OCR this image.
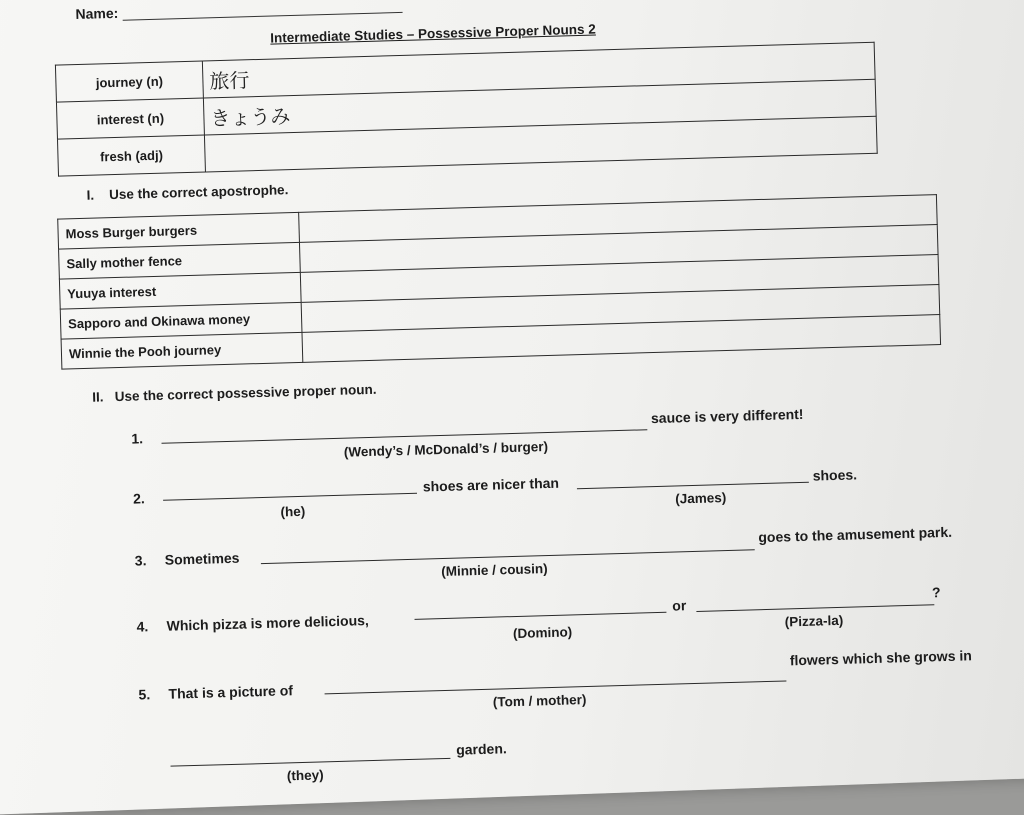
Name:
Intermediate Studies – Possessive Proper Nouns 2
journey (n)	旅行
interest (n)	きょうみ
fresh (adj)	
I. Use the correct apostrophe.
Moss Burger burgers	
Sally mother fence	
Yuuya interest	
Sapporo and Okinawa money	
Winnie the Pooh journey	
II. Use the correct possessive proper noun.
1.
sauce is very different!
(Wendy’s / McDonald’s / burger)
2.
shoes are nicer than	shoes.
(he)
(James)
3. Sometimes
goes to the amusement park.
(Minnie / cousin)
4. Which pizza is more delicious,
or
?
(Domino)
(Pizza-la)
5. That is a picture of
flowers which she grows in
(Tom / mother)
garden.
(they)
